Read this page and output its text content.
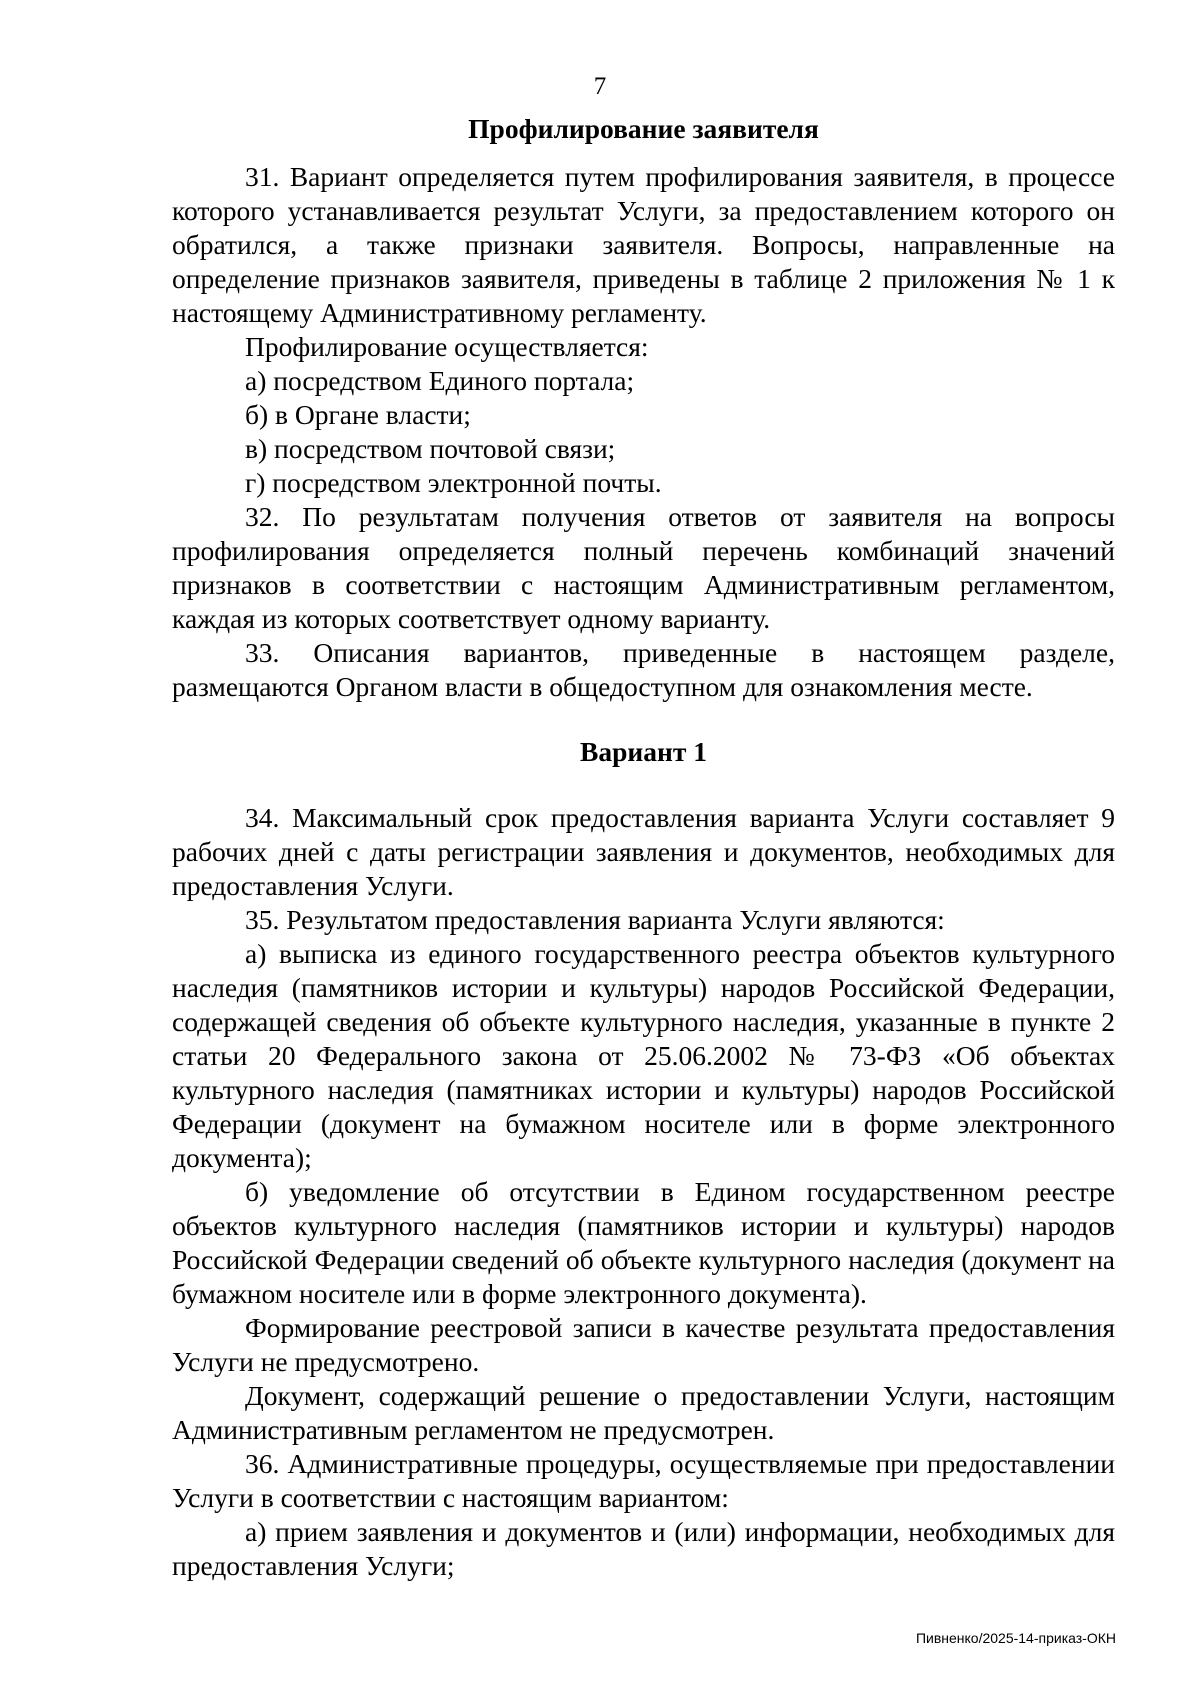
7
Профилирование заявителя

31. Вариант определяется путем профилирования заявителя, в процессе которого устанавливается результат Услуги, за предоставлением которого он обратился, а также признаки заявителя. Вопросы, направленные на определение признаков заявителя, приведены в таблице 2 приложения № 1 к настоящему Административному регламенту.

Профилирование осуществляется:

а) посредством Единого портала;

б) в Органе власти;

в) посредством почтовой связи;

г) посредством электронной почты.

32. По результатам получения ответов от заявителя на вопросы профилирования определяется полный перечень комбинаций значений признаков в соответствии с настоящим Административным регламентом, каждая из которых соответствует одному варианту.

33. Описания вариантов, приведенные в настоящем разделе, размещаются Органом власти в общедоступном для ознакомления месте.

Вариант 1

34. Максимальный срок предоставления варианта Услуги составляет 9 рабочих дней с даты регистрации заявления и документов, необходимых для предоставления Услуги.

35. Результатом предоставления варианта Услуги являются:

а) выписка из единого государственного реестра объектов культурного наследия (памятников истории и культуры) народов Российской Федерации, содержащей сведения об объекте культурного наследия, указанные в пункте 2 статьи 20 Федерального закона от 25.06.2002 № 73-ФЗ «Об объектах культурного наследия (памятниках истории и культуры) народов Российской Федерации (документ на бумажном носителе или в форме электронного документа);

б) уведомление об отсутствии в Едином государственном реестре объектов культурного наследия (памятников истории и культуры) народов Российской Федерации сведений об объекте культурного наследия (документ на бумажном носителе или в форме электронного документа).

Формирование реестровой записи в качестве результата предоставления Услуги не предусмотрено.

Документ, содержащий решение о предоставлении Услуги, настоящим Административным регламентом не предусмотрен.

36. Административные процедуры, осуществляемые при предоставлении Услуги в соответствии с настоящим вариантом:

а) прием заявления и документов и (или) информации, необходимых для предоставления Услуги;

Пивненко/2025-14-приказ-ОКН
